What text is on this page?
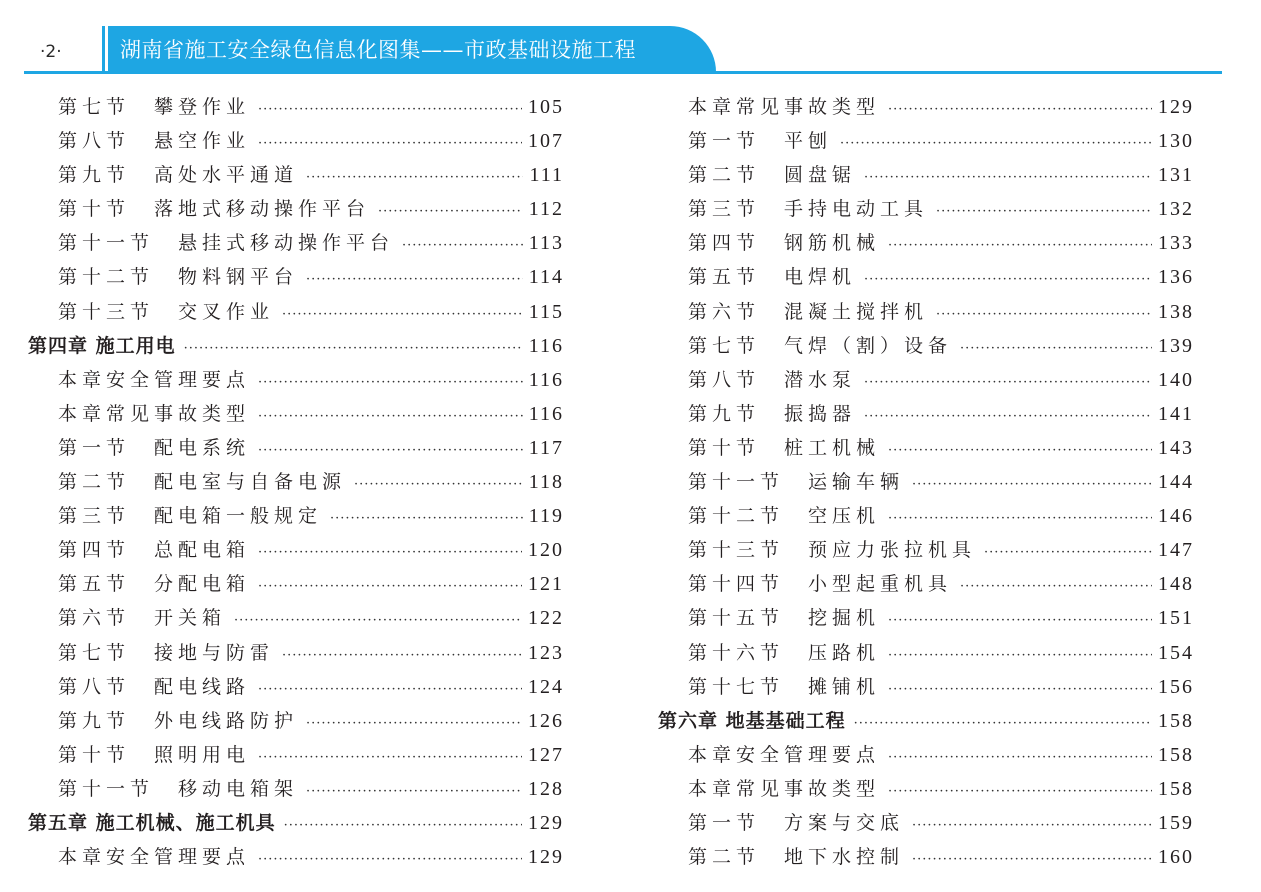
·2·	湖南省施工安全绿色信息化图集——市政基础设施工程
第七节　攀登作业 ·····	105
第八节　悬空作业 ·····	107
第九节　高处水平通道 ·····	111
第十节　落地式移动操作平台 ·····	112
第十一节　悬挂式移动操作平台 ·····	113
第十二节　物料钢平台 ·····	114
第十三节　交叉作业 ·····	115
第四章 施工用电 ·····	116
本章安全管理要点 ·····	116
本章常见事故类型 ·····	116
第一节　配电系统 ·····	117
第二节　配电室与自备电源 ·····	118
第三节　配电箱一般规定 ·····	119
第四节　总配电箱 ·····	120
第五节　分配电箱 ·····	121
第六节　开关箱 ·····	122
第七节　接地与防雷 ·····	123
第八节　配电线路 ·····	124
第九节　外电线路防护 ·····	126
第十节　照明用电 ·····	127
第十一节　移动电箱架 ·····	128
第五章 施工机械、施工机具 ·····	129
本章安全管理要点 ·····	129
本章常见事故类型 ·····	129
第一节　平刨 ·····	130
第二节　圆盘锯 ·····	131
第三节　手持电动工具 ·····	132
第四节　钢筋机械 ·····	133
第五节　电焊机 ·····	136
第六节　混凝土搅拌机 ·····	138
第七节　气焊（割）设备 ·····	139
第八节　潜水泵 ·····	140
第九节　振捣器 ·····	141
第十节　桩工机械 ·····	143
第十一节　运输车辆 ·····	144
第十二节　空压机 ·····	146
第十三节　预应力张拉机具 ·····	147
第十四节　小型起重机具 ·····	148
第十五节　挖掘机 ·····	151
第十六节　压路机 ·····	154
第十七节　摊铺机 ·····	156
第六章 地基基础工程 ·····	158
本章安全管理要点 ·····	158
本章常见事故类型 ·····	158
第一节　方案与交底 ·····	159
第二节　地下水控制 ·····	160
